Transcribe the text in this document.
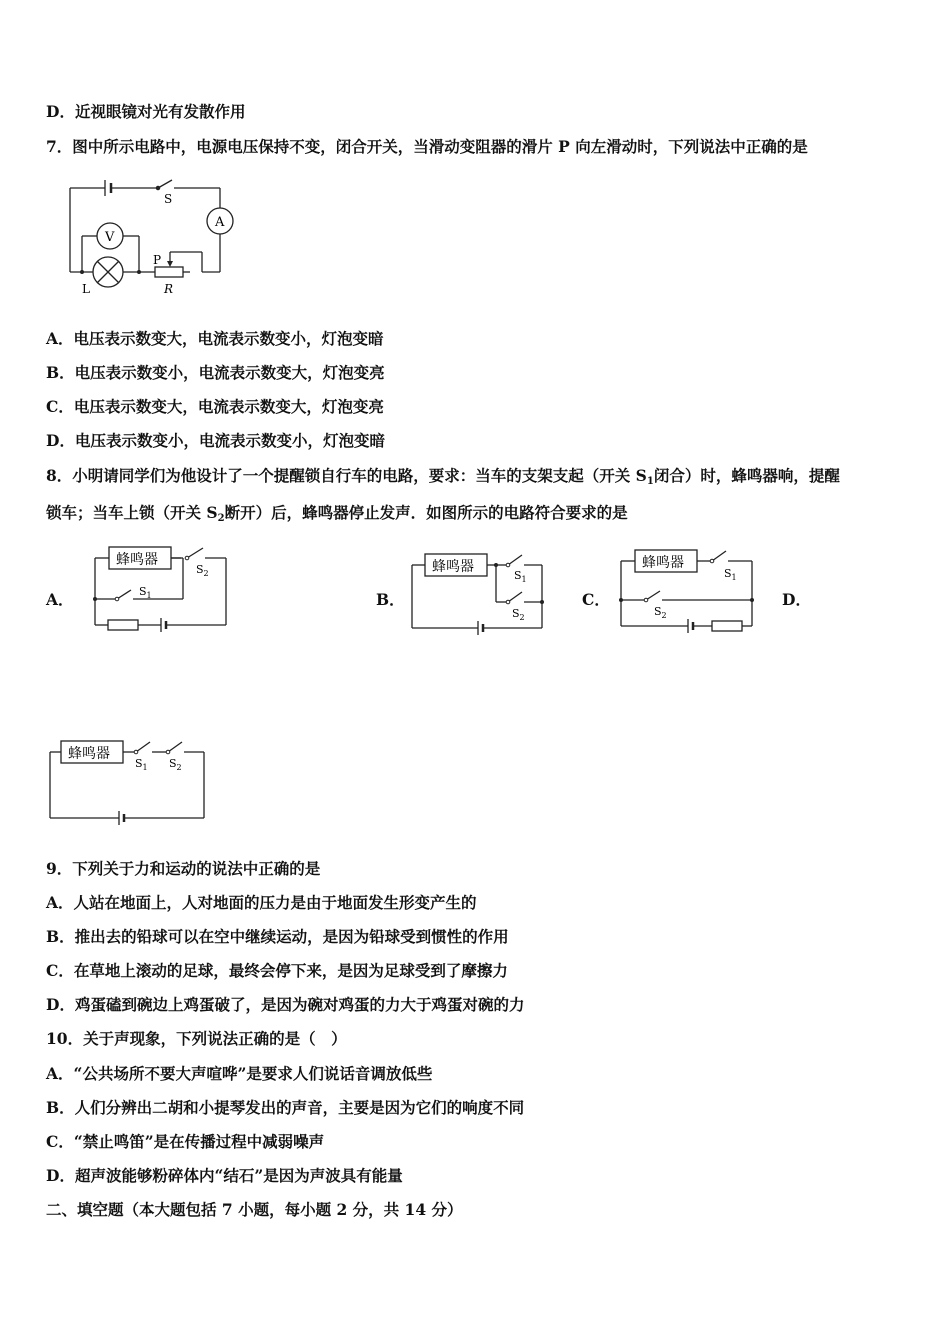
D．近视眼镜对光有发散作用
7．图中所示电路中，电源电压保持不变，闭合开关，当滑动变阻器的滑片 P 向左滑动时，下列说法中正确的是
S
A
V
P
L	R
A．电压表示数变大，电流表示数变小，灯泡变暗
B．电压表示数变小，电流表示数变大，灯泡变亮
C．电压表示数变大，电流表示数变大，灯泡变亮
D．电压表示数变小，电流表示数变小，灯泡变暗
8．小明请同学们为他设计了一个提醒锁自行车的电路，要求：当车的支架支起（开关 $S_1$闭合）时，蜂鸣器响，提醒
锁车；当车上锁（开关 $S_2$断开）后，蜂鸣器停止发声．如图所示的电路符合要求的是
A．	B．	C．	D．
蜂鸣器
$S_2$
$S_1$
蜂鸣器
$S_1$
$S_2$
蜂鸣器
$S_1$
$S_2$
蜂鸣器
$S_1$ $S_2$
9．下列关于力和运动的说法中正确的是
A．人站在地面上，人对地面的压力是由于地面发生形变产生的
B．推出去的铅球可以在空中继续运动，是因为铅球受到惯性的作用
C．在草地上滚动的足球，最终会停下来，是因为足球受到了摩擦力
D．鸡蛋磕到碗边上鸡蛋破了，是因为碗对鸡蛋的力大于鸡蛋对碗的力
10．关于声现象，下列说法正确的是（　）
A．“公共场所不要大声喧哗”是要求人们说话音调放低些
B．人们分辨出二胡和小提琴发出的声音，主要是因为它们的响度不同
C．“禁止鸣笛”是在传播过程中减弱噪声
D．超声波能够粉碎体内“结石”是因为声波具有能量
二、填空题（本大题包括 7 小题，每小题 2 分，共 14 分）
